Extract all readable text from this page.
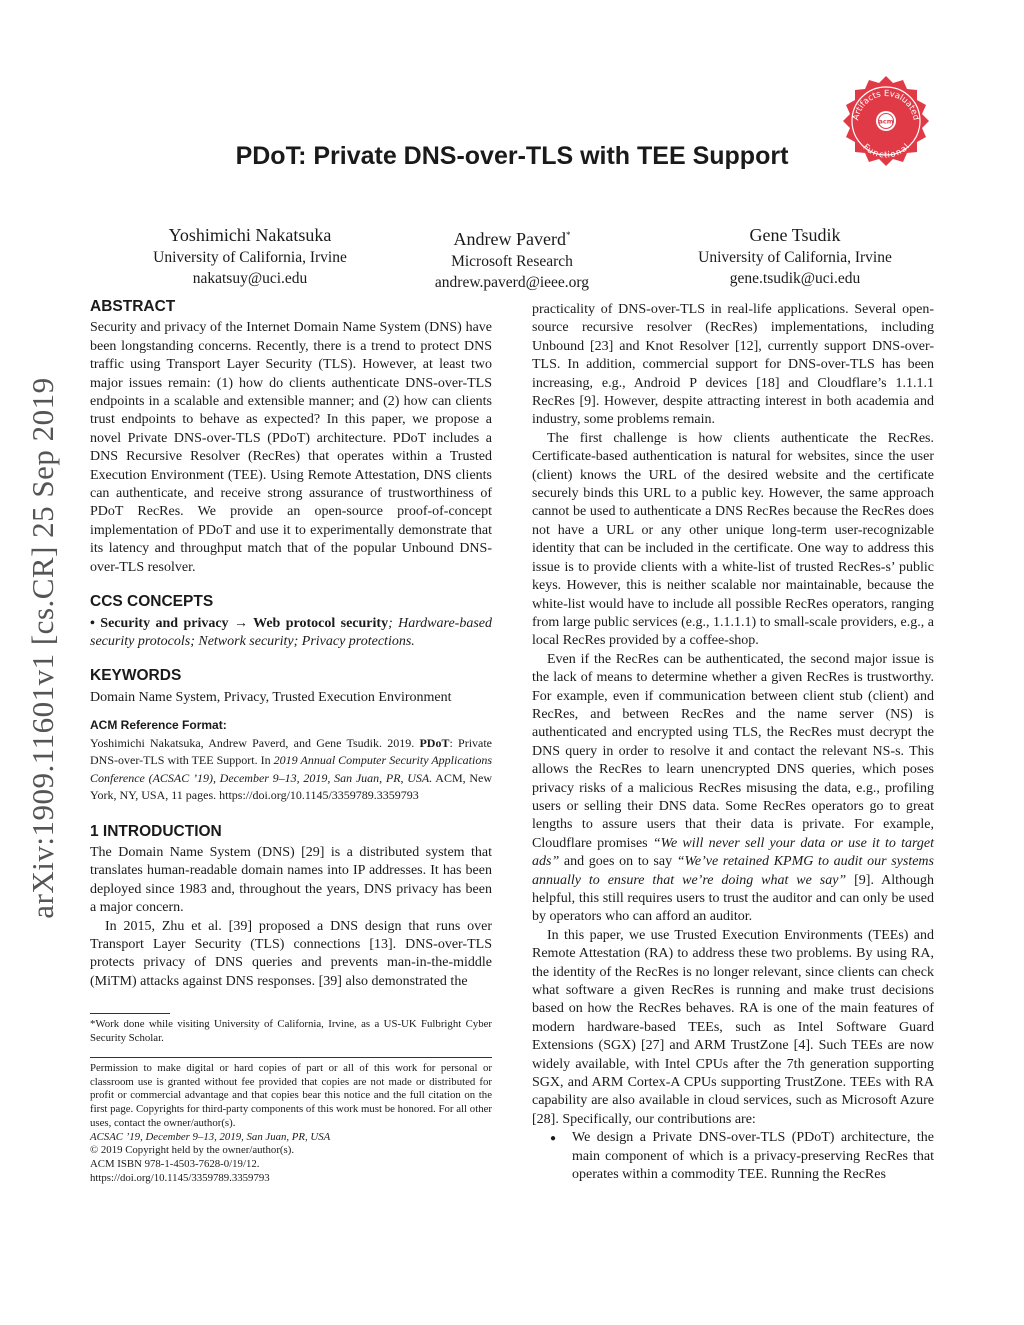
arXiv:1909.11601v1 [cs.CR] 25 Sep 2019
Artifacts Evaluated
Functional
acm
PDoT: Private DNS-over-TLS with TEE Support
Yoshimichi Nakatsuka
University of California, Irvine
nakatsuy@uci.edu
Andrew Paverd*
Microsoft Research
andrew.paverd@ieee.org
Gene Tsudik
University of California, Irvine
gene.tsudik@uci.edu

ABSTRACT

Security and privacy of the Internet Domain Name System (DNS) have been longstanding concerns. Recently, there is a trend to protect DNS traffic using Transport Layer Security (TLS). However, at least two major issues remain: (1) how do clients authenticate DNS-over-TLS endpoints in a scalable and extensible manner; and (2) how can clients trust endpoints to behave as expected? In this paper, we propose a novel Private DNS-over-TLS (PDoT) architecture. PDoT includes a DNS Recursive Resolver (RecRes) that operates within a Trusted Execution Environment (TEE). Using Remote Attestation, DNS clients can authenticate, and receive strong assurance of trustworthiness of PDoT RecRes. We provide an open-source proof-of-concept implementation of PDoT and use it to experimentally demonstrate that its latency and throughput match that of the popular Unbound DNS-over-TLS resolver.

CCS CONCEPTS

• Security and privacy → Web protocol security; Hardware-based security protocols; Network security; Privacy protections.

KEYWORDS

Domain Name System, Privacy, Trusted Execution Environment

ACM Reference Format:
Yoshimichi Nakatsuka, Andrew Paverd, and Gene Tsudik. 2019. PDoT: Private DNS-over-TLS with TEE Support. In 2019 Annual Computer Security Applications Conference (ACSAC ’19), December 9–13, 2019, San Juan, PR, USA. ACM, New York, NY, USA, 11 pages. https://doi.org/10.1145/3359789.3359793

1 INTRODUCTION

The Domain Name System (DNS) [29] is a distributed system that translates human-readable domain names into IP addresses. It has been deployed since 1983 and, throughout the years, DNS privacy has been a major concern.

In 2015, Zhu et al. [39] proposed a DNS design that runs over Transport Layer Security (TLS) connections [13]. DNS-over-TLS protects privacy of DNS queries and prevents man-in-the-middle (MiTM) attacks against DNS responses. [39] also demonstrated the

*Work done while visiting University of California, Irvine, as a US-UK Fulbright Cyber Security Scholar.
Permission to make digital or hard copies of part or all of this work for personal or classroom use is granted without fee provided that copies are not made or distributed for profit or commercial advantage and that copies bear this notice and the full citation on the first page. Copyrights for third-party components of this work must be honored. For all other uses, contact the owner/author(s).
ACSAC ’19, December 9–13, 2019, San Juan, PR, USA
© 2019 Copyright held by the owner/author(s).
ACM ISBN 978-1-4503-7628-0/19/12.
https://doi.org/10.1145/3359789.3359793

practicality of DNS-over-TLS in real-life applications. Several open-source recursive resolver (RecRes) implementations, including Unbound [23] and Knot Resolver [12], currently support DNS-over-TLS. In addition, commercial support for DNS-over-TLS has been increasing, e.g., Android P devices [18] and Cloudflare’s 1.1.1.1 RecRes [9]. However, despite attracting interest in both academia and industry, some problems remain.

The first challenge is how clients authenticate the RecRes. Certificate-based authentication is natural for websites, since the user (client) knows the URL of the desired website and the certificate securely binds this URL to a public key. However, the same approach cannot be used to authenticate a DNS RecRes because the RecRes does not have a URL or any other unique long-term user-recognizable identity that can be included in the certificate. One way to address this issue is to provide clients with a white-list of trusted RecRes-s’ public keys. However, this is neither scalable nor maintainable, because the white-list would have to include all possible RecRes operators, ranging from large public services (e.g., 1.1.1.1) to small-scale providers, e.g., a local RecRes provided by a coffee-shop.

Even if the RecRes can be authenticated, the second major issue is the lack of means to determine whether a given RecRes is trustworthy. For example, even if communication between client stub (client) and RecRes, and between RecRes and the name server (NS) is authenticated and encrypted using TLS, the RecRes must decrypt the DNS query in order to resolve it and contact the relevant NS-s. This allows the RecRes to learn unencrypted DNS queries, which poses privacy risks of a malicious RecRes misusing the data, e.g., profiling users or selling their DNS data. Some RecRes operators go to great lengths to assure users that their data is private. For example, Cloudflare promises “We will never sell your data or use it to target ads” and goes on to say “We’ve retained KPMG to audit our systems annually to ensure that we’re doing what we say” [9]. Although helpful, this still requires users to trust the auditor and can only be used by operators who can afford an auditor.

In this paper, we use Trusted Execution Environments (TEEs) and Remote Attestation (RA) to address these two problems. By using RA, the identity of the RecRes is no longer relevant, since clients can check what software a given RecRes is running and make trust decisions based on how the RecRes behaves. RA is one of the main features of modern hardware-based TEEs, such as Intel Software Guard Extensions (SGX) [27] and ARM TrustZone [4]. Such TEEs are now widely available, with Intel CPUs after the 7th generation supporting SGX, and ARM Cortex-A CPUs supporting TrustZone. TEEs with RA capability are also available in cloud services, such as Microsoft Azure [28]. Specifically, our contributions are:

● We design a Private DNS-over-TLS (PDoT) architecture, the main component of which is a privacy-preserving RecRes that operates within a commodity TEE. Running the RecRes
